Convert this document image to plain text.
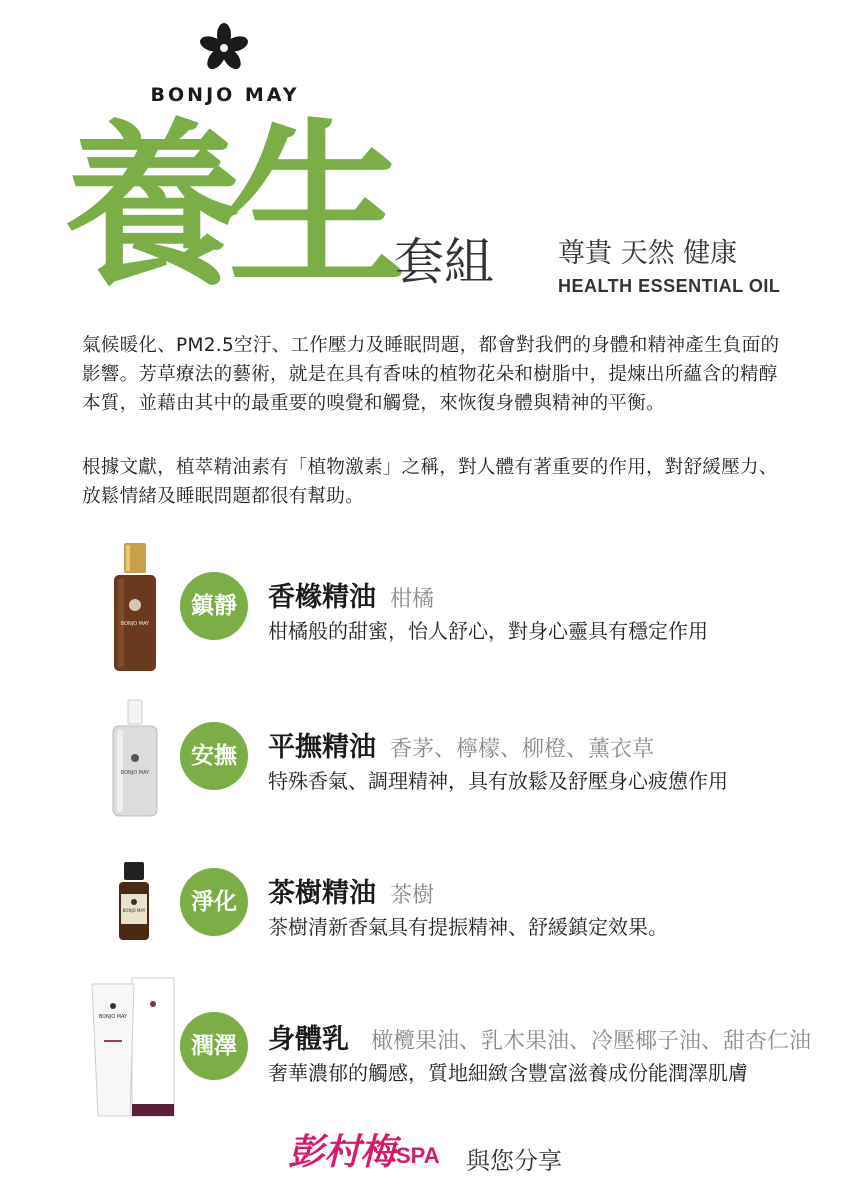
BONJO MAY
養生 套組 尊貴 天然 健康
HEALTH ESSENTIAL OIL
氣候暖化、PM2.5空汙、工作壓力及睡眠問題，都會對我們的身體和精神產生負面的影響。芳草療法的藝術，就是在具有香味的植物花朵和樹脂中，提煉出所蘊含的精醇本質，並藉由其中的最重要的嗅覺和觸覺，來恢復身體與精神的平衡。
根據文獻，植萃精油素有「植物激素」之稱，對人體有著重要的作用，對舒緩壓力、放鬆情緒及睡眠問題都很有幫助。
BONJO MAY
鎮靜	香橼精油 柑橘
柑橘般的甜蜜，怡人舒心，對身心靈具有穩定作用
BONJO MAY
安撫	平撫精油 香茅、檸檬、柳橙、薰衣草
特殊香氣、調理精神，具有放鬆及舒壓身心疲憊作用
BONJO MAY	淨化	茶樹精油 茶樹
茶樹清新香氣具有提振精神、舒緩鎮定效果。
BONJO MAY
潤澤	身體乳 橄欖果油、乳木果油、冷壓椰子油、甜杏仁油
奢華濃郁的觸感，質地細緻含豐富滋養成份能潤澤肌膚
彭村梅 SPA 與您分享
